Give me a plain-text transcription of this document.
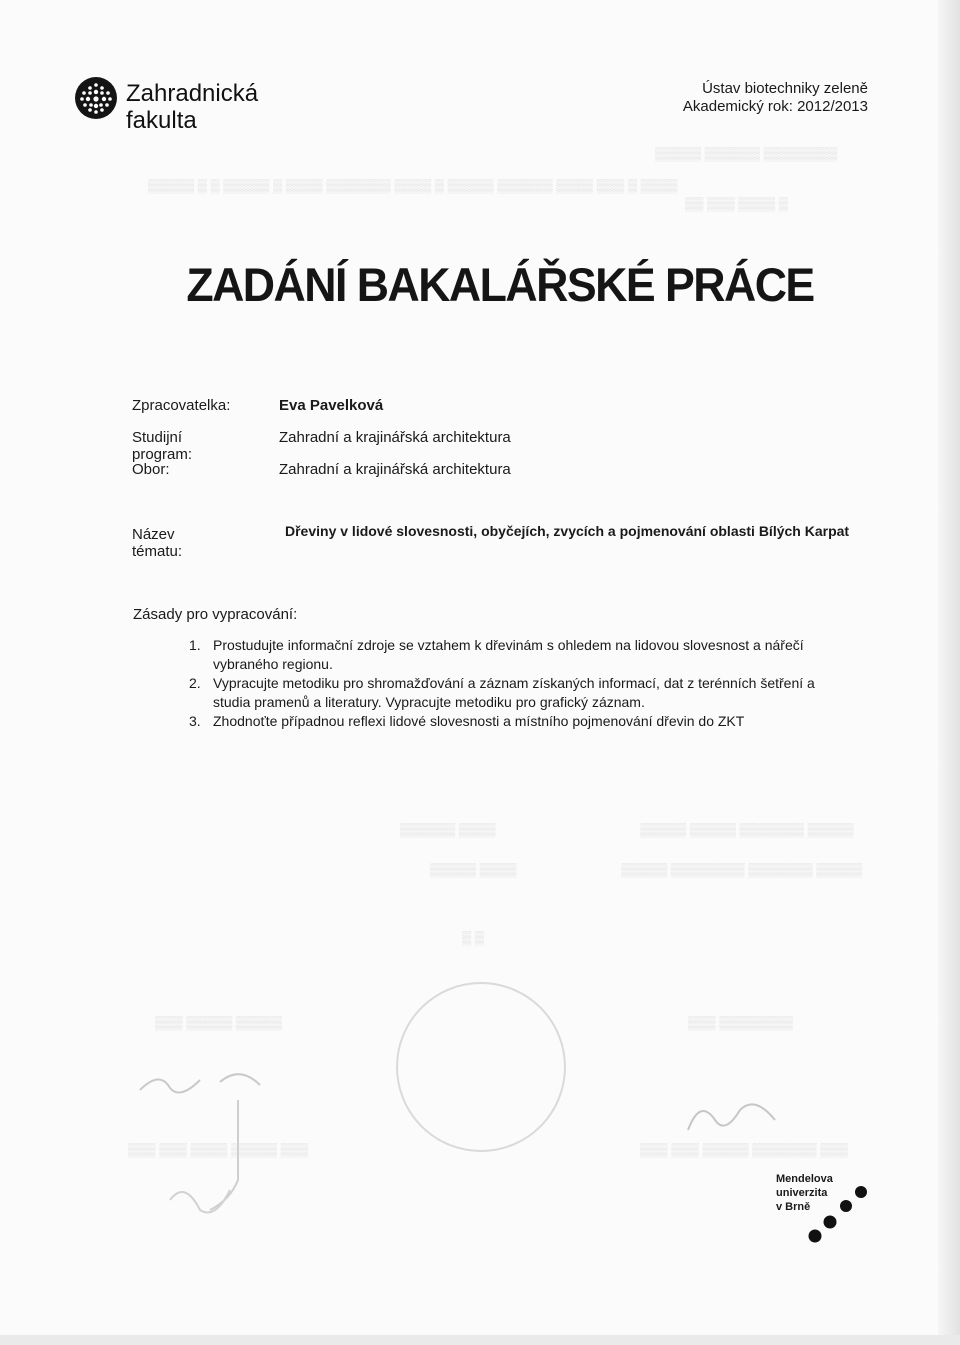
▒▒▒▒▒ ▒▒▒▒▒▒ ▒▒▒▒▒▒▒▒
▒▒▒▒▒ ▒ ▒ ▒▒▒▒▒ ▒ ▒▒▒▒ ▒▒▒▒▒▒▒ ▒▒▒▒ ▒ ▒▒▒▒▒ ▒▒▒▒▒▒ ▒▒▒▒ ▒▒▒ ▒ ▒▒▒▒
▒▒ ▒▒▒ ▒▒▒▒ ▒
▒▒▒▒▒▒ ▒▒▒▒                                        ▒▒▒▒▒ ▒▒▒▒▒ ▒▒▒▒▒▒▒ ▒▒▒▒▒
▒▒▒▒▒ ▒▒▒▒                             ▒▒▒▒▒ ▒▒▒▒▒▒▒▒ ▒▒▒▒▒▒▒ ▒▒▒▒▒
▒ ▒
▒▒▒ ▒▒▒▒▒ ▒▒▒▒▒	▒▒▒ ▒▒▒▒▒▒▒▒
▒▒▒ ▒▒▒ ▒▒▒▒ ▒▒▒▒▒ ▒▒▒	▒▒▒ ▒▒▒ ▒▒▒▒▒ ▒▒▒▒▒▒▒ ▒▒▒
Zahradnická
fakulta
Ústav biotechniky zeleně
Akademický rok: 2012/2013
ZADÁNÍ BAKALÁŘSKÉ PRÁCE
Zpracovatelka:	Eva Pavelková
Studijní program:
Zahradní a krajinářská architektura
Obor:	Zahradní a krajinářská architektura
Název tématu:
Dřeviny v lidové slovesnosti, obyčejích, zvycích a pojmenování oblasti Bílých Karpat
Zásady pro vypracování:
1. Prostudujte informační zdroje se vztahem k dřevinám s ohledem na lidovou slovesnost a nářečí vybraného regionu.
2. Vypracujte metodiku pro shromažďování a záznam získaných informací, dat z terénních šetření a studia pramenů a literatury. Vypracujte metodiku pro grafický záznam.
3. Zhodnoťte případnou reflexi lidové slovesnosti a místního pojmenování dřevin do ZKT
Mendelova
univerzita
v Brně
